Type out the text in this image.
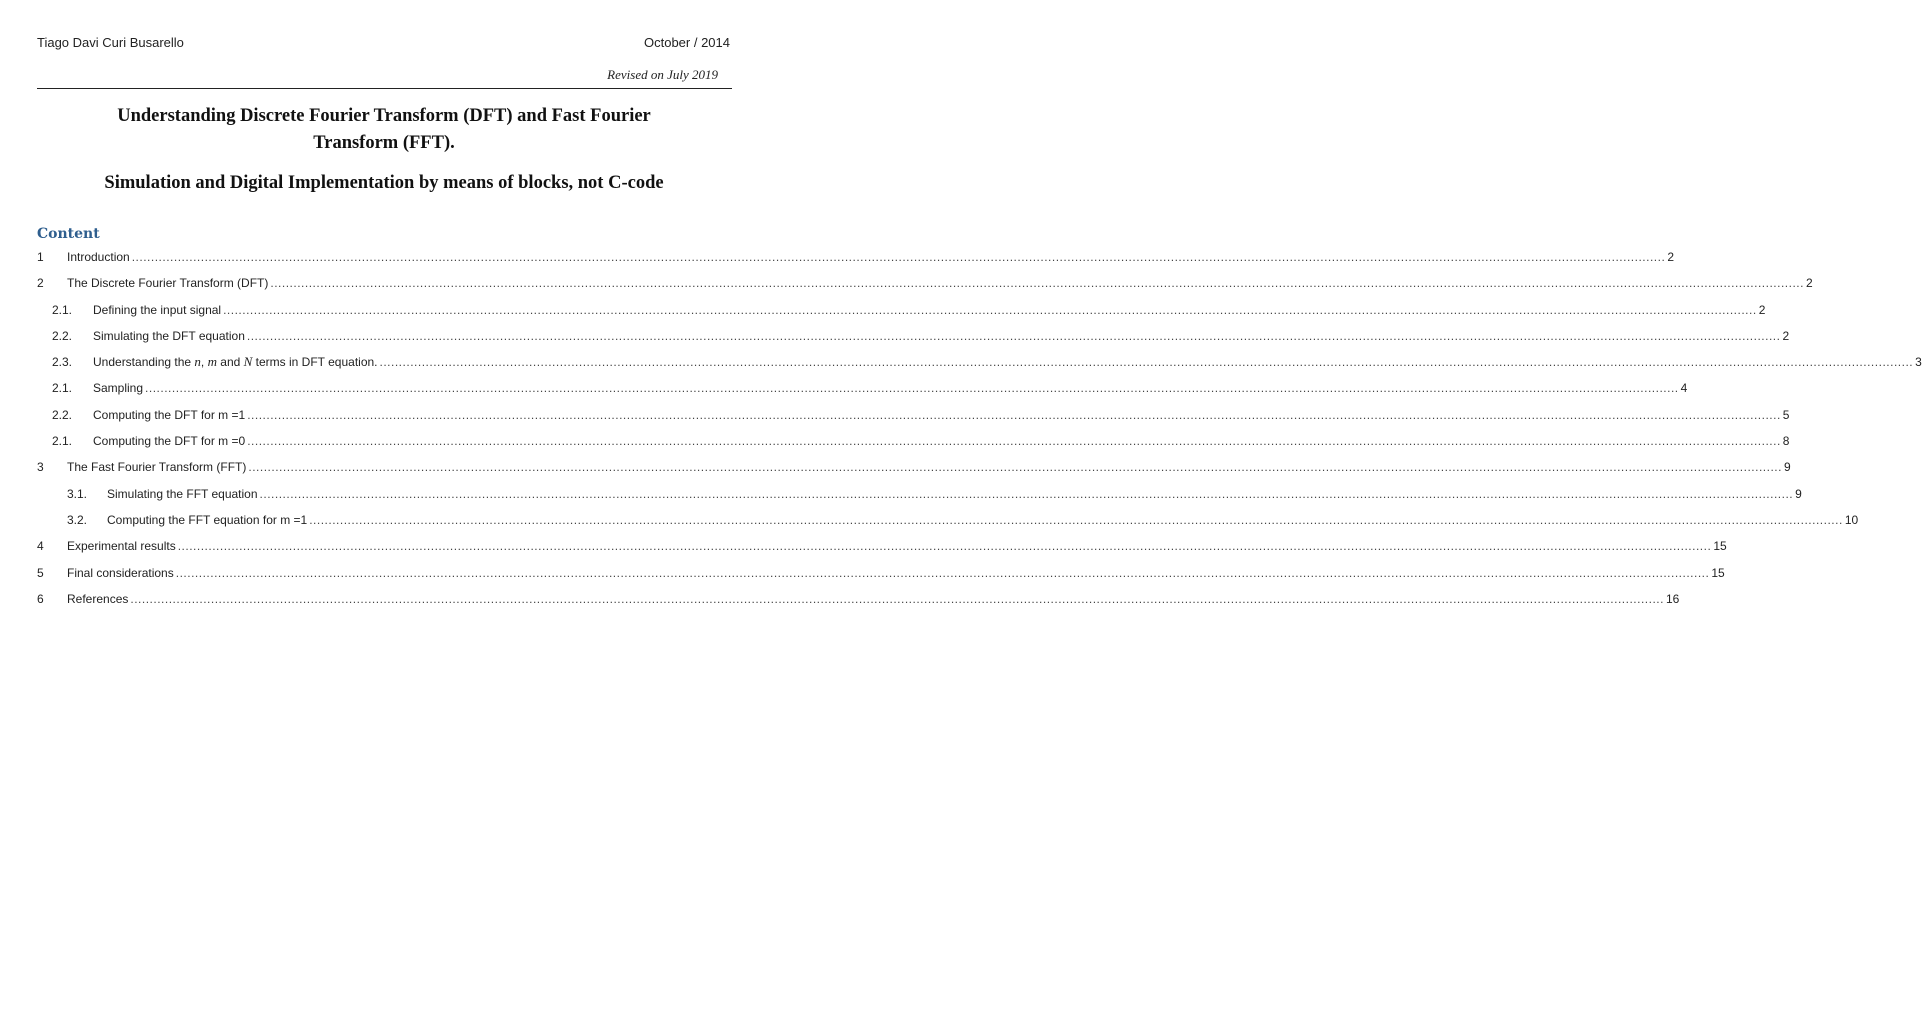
Tiago Davi Curi Busarello	October / 2014
Revised on July 2019
Understanding Discrete Fourier Transform (DFT) and Fast Fourier
Transform (FFT).
Simulation and Digital Implementation by means of blocks, not C-code
Content
1	Introduction ................................................................................................................................................................................................................................................................................................................................................................................................................ 2
2	The Discrete Fourier Transform (DFT) ................................................................................................................................................................................................................................................................................................................................................................................................................ 2
2.1.	Defining the input signal ................................................................................................................................................................................................................................................................................................................................................................................................................ 2
2.2.	Simulating the DFT equation ................................................................................................................................................................................................................................................................................................................................................................................................................ 2
2.3.	Understanding the n, m and N terms in DFT equation. ................................................................................................................................................................................................................................................................................................................................................................................................................ 3
2.1.	Sampling ................................................................................................................................................................................................................................................................................................................................................................................................................ 4
2.2.	Computing the DFT for m =1 ................................................................................................................................................................................................................................................................................................................................................................................................................ 5
2.1.	Computing the DFT for m =0 ................................................................................................................................................................................................................................................................................................................................................................................................................ 8
3	The Fast Fourier Transform (FFT) ................................................................................................................................................................................................................................................................................................................................................................................................................ 9
3.1.	Simulating the FFT equation ................................................................................................................................................................................................................................................................................................................................................................................................................ 9
3.2.	Computing the FFT equation for m =1 ................................................................................................................................................................................................................................................................................................................................................................................................................ 10
4	Experimental results ................................................................................................................................................................................................................................................................................................................................................................................................................ 15
5	Final considerations ................................................................................................................................................................................................................................................................................................................................................................................................................ 15
6	References ................................................................................................................................................................................................................................................................................................................................................................................................................ 16
